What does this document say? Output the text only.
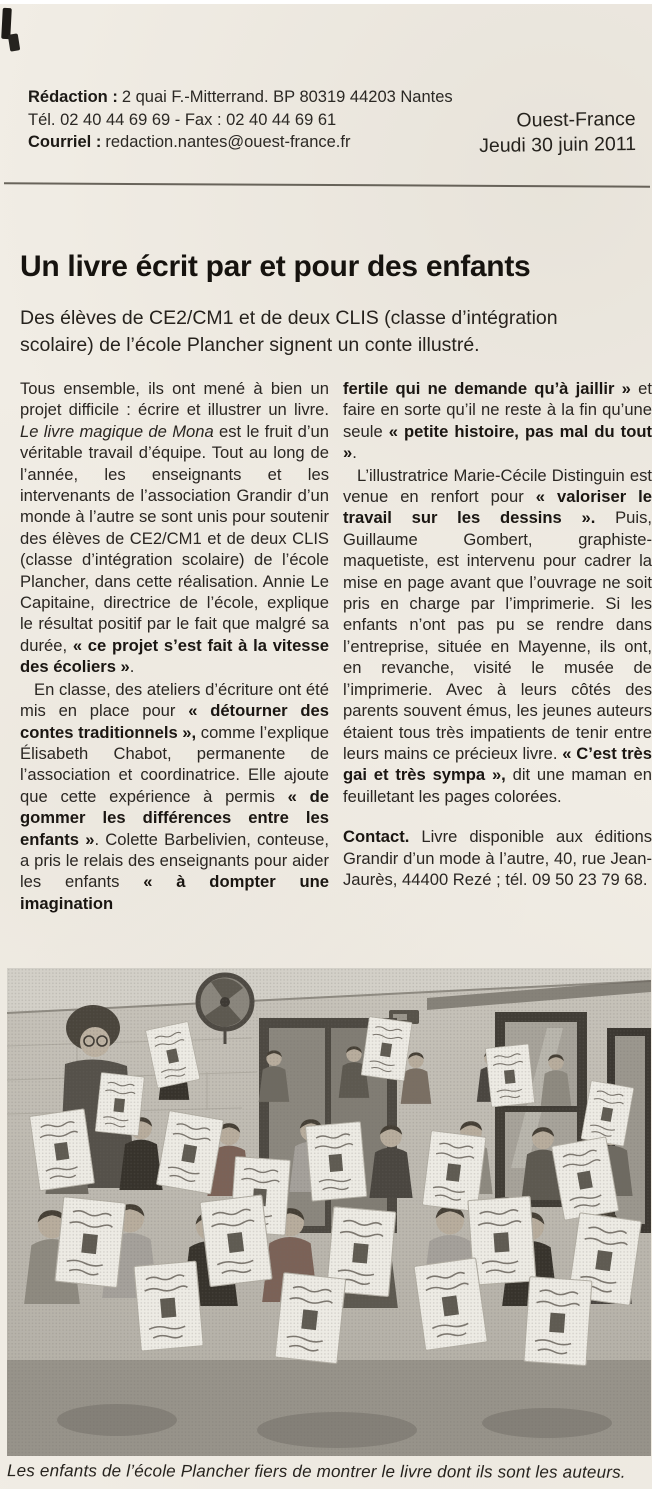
Rédaction : 2 quai F.-Mitterrand. BP 80319 44203 Nantes

Tél. 02 40 44 69 69 - Fax : 02 40 44 69 61

Courriel : redaction.nantes@ouest-france.fr

Ouest-France

Jeudi 30 juin 2011

Un livre écrit par et pour des enfants

Des élèves de CE2/CM1 et de deux CLIS (classe d’intégration scolaire) de l’école Plancher signent un conte illustré.

Tous ensemble, ils ont mené à bien un projet difficile : écrire et illustrer un livre. Le livre magique de Mona est le fruit d’un véritable travail d’équipe. Tout au long de l’année, les enseignants et les intervenants de l’association Grandir d’un monde à l’autre se sont unis pour soutenir des élèves de CE2/CM1 et de deux CLIS (classe d’intégration scolaire) de l’école Plancher, dans cette réalisation. Annie Le Capitaine, directrice de l’école, explique le résultat positif par le fait que malgré sa durée, « ce projet s’est fait à la vitesse des écoliers ».

En classe, des ateliers d’écriture ont été mis en place pour « détourner des contes traditionnels », comme l’explique Élisabeth Chabot, permanente de l’association et coordinatrice. Elle ajoute que cette expérience à permis « de gommer les différences entre les enfants ». Colette Barbelivien, conteuse, a pris le relais des enseignants pour aider les enfants « à dompter une imagination

fertile qui ne demande qu’à jaillir » et faire en sorte qu’il ne reste à la fin qu’une seule « petite histoire, pas mal du tout ».

L’illustratrice Marie-Cécile Distinguin est venue en renfort pour « valoriser le travail sur les dessins ». Puis, Guillaume Gombert, graphiste-maquetiste, est intervenu pour cadrer la mise en page avant que l’ouvrage ne soit pris en charge par l’imprimerie. Si les enfants n’ont pas pu se rendre dans l’entreprise, située en Mayenne, ils ont, en revanche, visité le musée de l’imprimerie. Avec à leurs côtés des parents souvent émus, les jeunes auteurs étaient tous très impatients de tenir entre leurs mains ce précieux livre. « C’est très gai et très sympa », dit une maman en feuilletant les pages colorées.

Contact. Livre disponible aux éditions Grandir d’un mode à l’autre, 40, rue Jean-Jaurès, 44400 Rezé ; tél. 09 50 23 79 68.

Les enfants de l’école Plancher fiers de montrer le livre dont ils sont les auteurs.
